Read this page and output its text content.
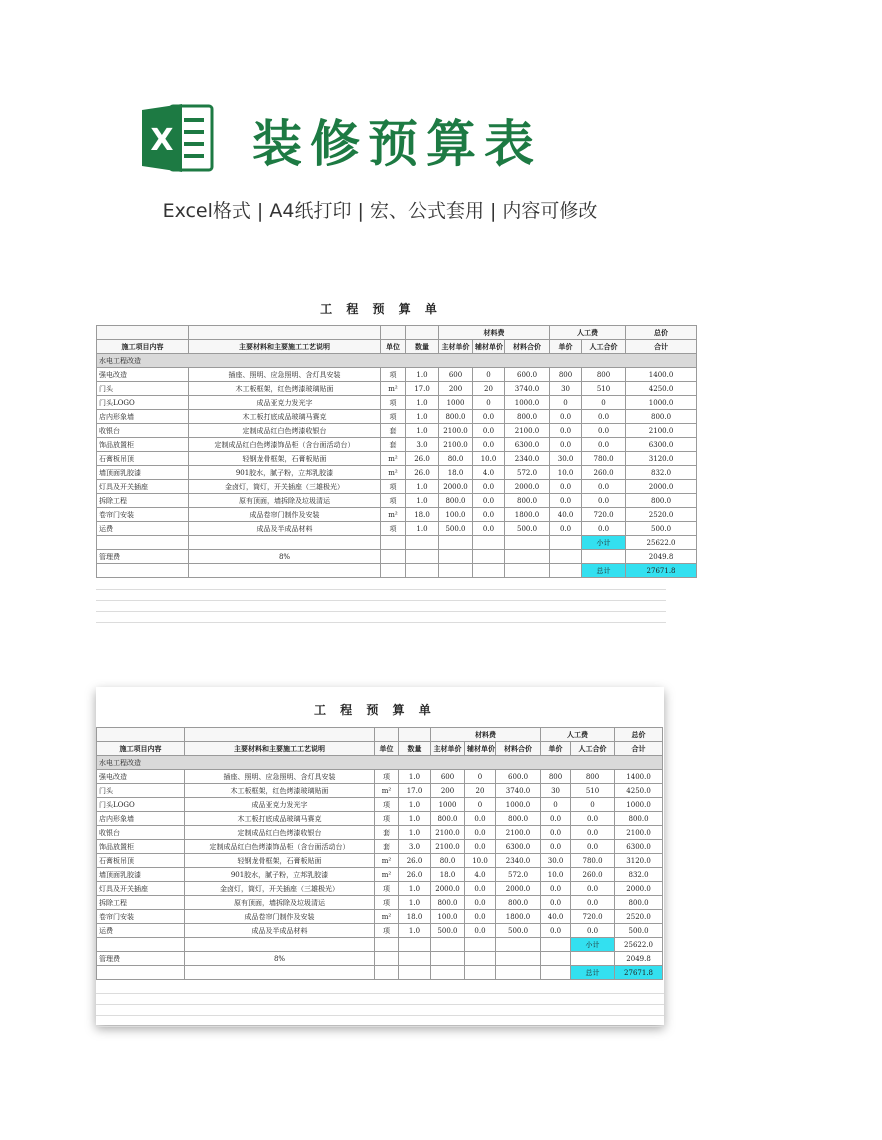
X 装修预算表
Excel格式 | A4纸打印 | 宏、公式套用 | 内容可修改
工 程 预 算 单
				材料费			人工费		总价
施工项目内容	主要材料和主要施工工艺说明	单位	数量	主材单价	辅材单价	材料合价	单价	人工合价	合计
水电工程改造									
强电改造	插座、照明、应急照明、含灯具安装	项	1.0	600	0	600.0	800	800	1400.0
门头	木工板框架，红色烤漆玻璃贴面	m²	17.0	200	20	3740.0	30	510	4250.0
门头LOGO	成品亚克力发光字	项	1.0	1000	0	1000.0	0	0	1000.0
店内形象墙	木工板打底成品玻璃马赛克	项	1.0	800.0	0.0	800.0	0.0	0.0	800.0
收银台	定制成品红白色烤漆收银台	套	1.0	2100.0	0.0	2100.0	0.0	0.0	2100.0
饰品放置柜	定制成品红白色烤漆饰品柜（含台面活动台）	套	3.0	2100.0	0.0	6300.0	0.0	0.0	6300.0
石膏板吊顶	轻钢龙骨框架，石膏板贴面	m²	26.0	80.0	10.0	2340.0	30.0	780.0	3120.0
墙顶面乳胶漆	901胶水，腻子粉，立邦乳胶漆	m²	26.0	18.0	4.0	572.0	10.0	260.0	832.0
灯具及开关插座	金卤灯，筒灯，开关插座（三雄极光）	项	1.0	2000.0	0.0	2000.0	0.0	0.0	2000.0
拆除工程	原有顶面，墙拆除及垃圾清运	项	1.0	800.0	0.0	800.0	0.0	0.0	800.0
卷帘门安装	成品卷帘门制作及安装	m²	18.0	100.0	0.0	1800.0	40.0	720.0	2520.0
运费	成品及半成品材料	项	1.0	500.0	0.0	500.0	0.0	0.0	500.0
								小计	25622.0
管理费	8%								2049.8
								总计	27671.8
工 程 预 算 单
				材料费			人工费		总价
施工项目内容	主要材料和主要施工工艺说明	单位	数量	主材单价	辅材单价	材料合价	单价	人工合价	合计
水电工程改造									
强电改造	插座、照明、应急照明、含灯具安装	项	1.0	600	0	600.0	800	800	1400.0
门头	木工板框架，红色烤漆玻璃贴面	m²	17.0	200	20	3740.0	30	510	4250.0
门头LOGO	成品亚克力发光字	项	1.0	1000	0	1000.0	0	0	1000.0
店内形象墙	木工板打底成品玻璃马赛克	项	1.0	800.0	0.0	800.0	0.0	0.0	800.0
收银台	定制成品红白色烤漆收银台	套	1.0	2100.0	0.0	2100.0	0.0	0.0	2100.0
饰品放置柜	定制成品红白色烤漆饰品柜（含台面活动台）	套	3.0	2100.0	0.0	6300.0	0.0	0.0	6300.0
石膏板吊顶	轻钢龙骨框架，石膏板贴面	m²	26.0	80.0	10.0	2340.0	30.0	780.0	3120.0
墙顶面乳胶漆	901胶水，腻子粉，立邦乳胶漆	m²	26.0	18.0	4.0	572.0	10.0	260.0	832.0
灯具及开关插座	金卤灯，筒灯，开关插座（三雄极光）	项	1.0	2000.0	0.0	2000.0	0.0	0.0	2000.0
拆除工程	原有顶面，墙拆除及垃圾清运	项	1.0	800.0	0.0	800.0	0.0	0.0	800.0
卷帘门安装	成品卷帘门制作及安装	m²	18.0	100.0	0.0	1800.0	40.0	720.0	2520.0
运费	成品及半成品材料	项	1.0	500.0	0.0	500.0	0.0	0.0	500.0
								小计	25622.0
管理费	8%								2049.8
								总计	27671.8
